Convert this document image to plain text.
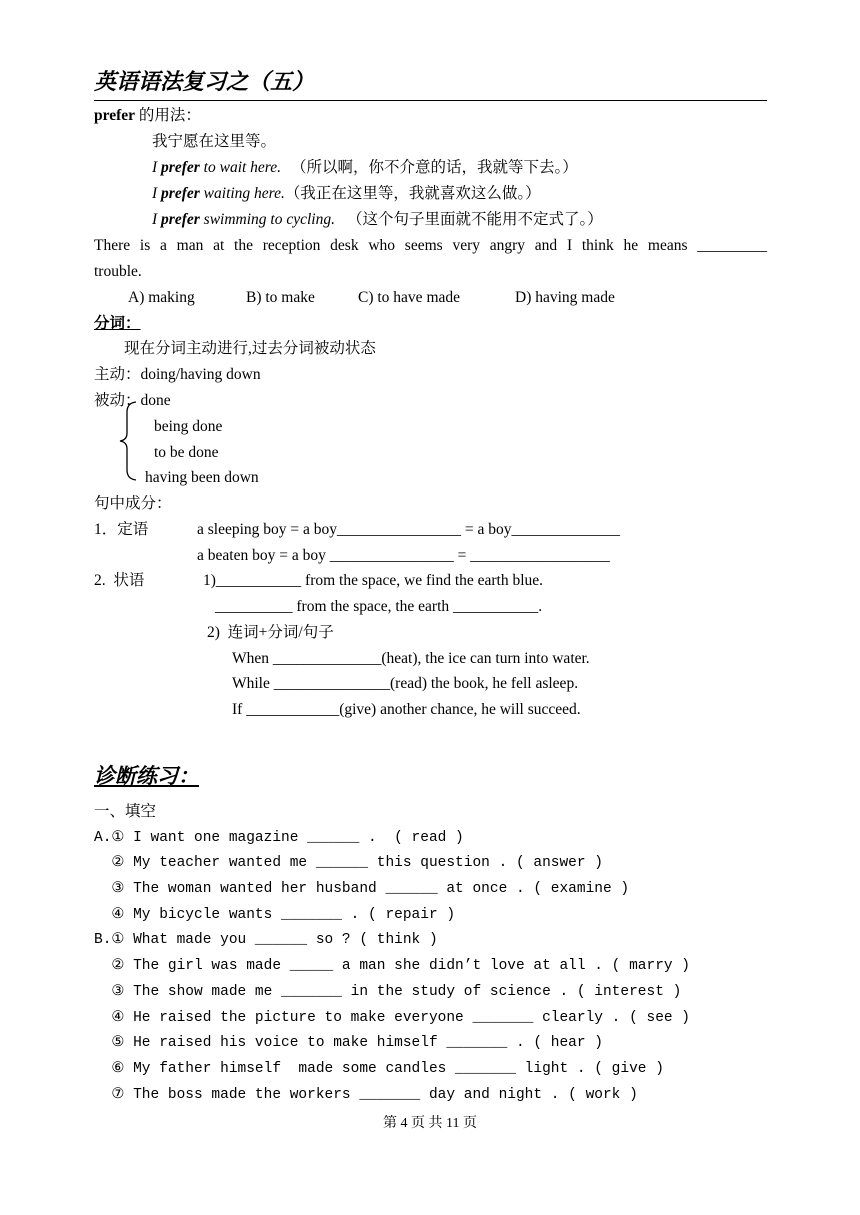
英语语法复习之（五）
prefer 的用法：
我宁愿在这里等。
I prefer to wait here. （所以啊，你不介意的话，我就等下去。）
I prefer waiting here.（我正在这里等，我就喜欢这么做。）
I prefer swimming to cycling. （这个句子里面就不能用不定式了。）
There is a man at the reception desk who seems very angry and I think he means _________
trouble.
A) making	B) to make	C) to have made	D) having made
分词：
现在分词主动进行,过去分词被动状态
主动：doing/having down
被动：done
being done
to be done
having been down
句中成分：
1．定语	a sleeping boy = a boy________________ = a boy______________
a beaten boy = a boy ________________ = __________________
2.  状语	1)___________ from the space, we find the earth blue.
__________ from the space, the earth ___________.
2)  连词+分词/句子
When ______________(heat), the ice can turn into water.
While _______________(read) the book, he fell asleep.
If ____________(give) another chance, he will succeed.
诊断练习：
一、填空
A.① I want one magazine ______ .  ( read )
② My teacher wanted me ______ this question . ( answer )
③ The woman wanted her husband ______ at once . ( examine )
④ My bicycle wants _______ . ( repair )
B.① What made you ______ so ? ( think )
② The girl was made _____ a man she didn’t love at all . ( marry )
③ The show made me _______ in the study of science . ( interest )
④ He raised the picture to make everyone _______ clearly . ( see )
⑤ He raised his voice to make himself _______ . ( hear )
⑥ My father himself  made some candles _______ light . ( give )
⑦ The boss made the workers _______ day and night . ( work )
第 4 页 共 11 页
